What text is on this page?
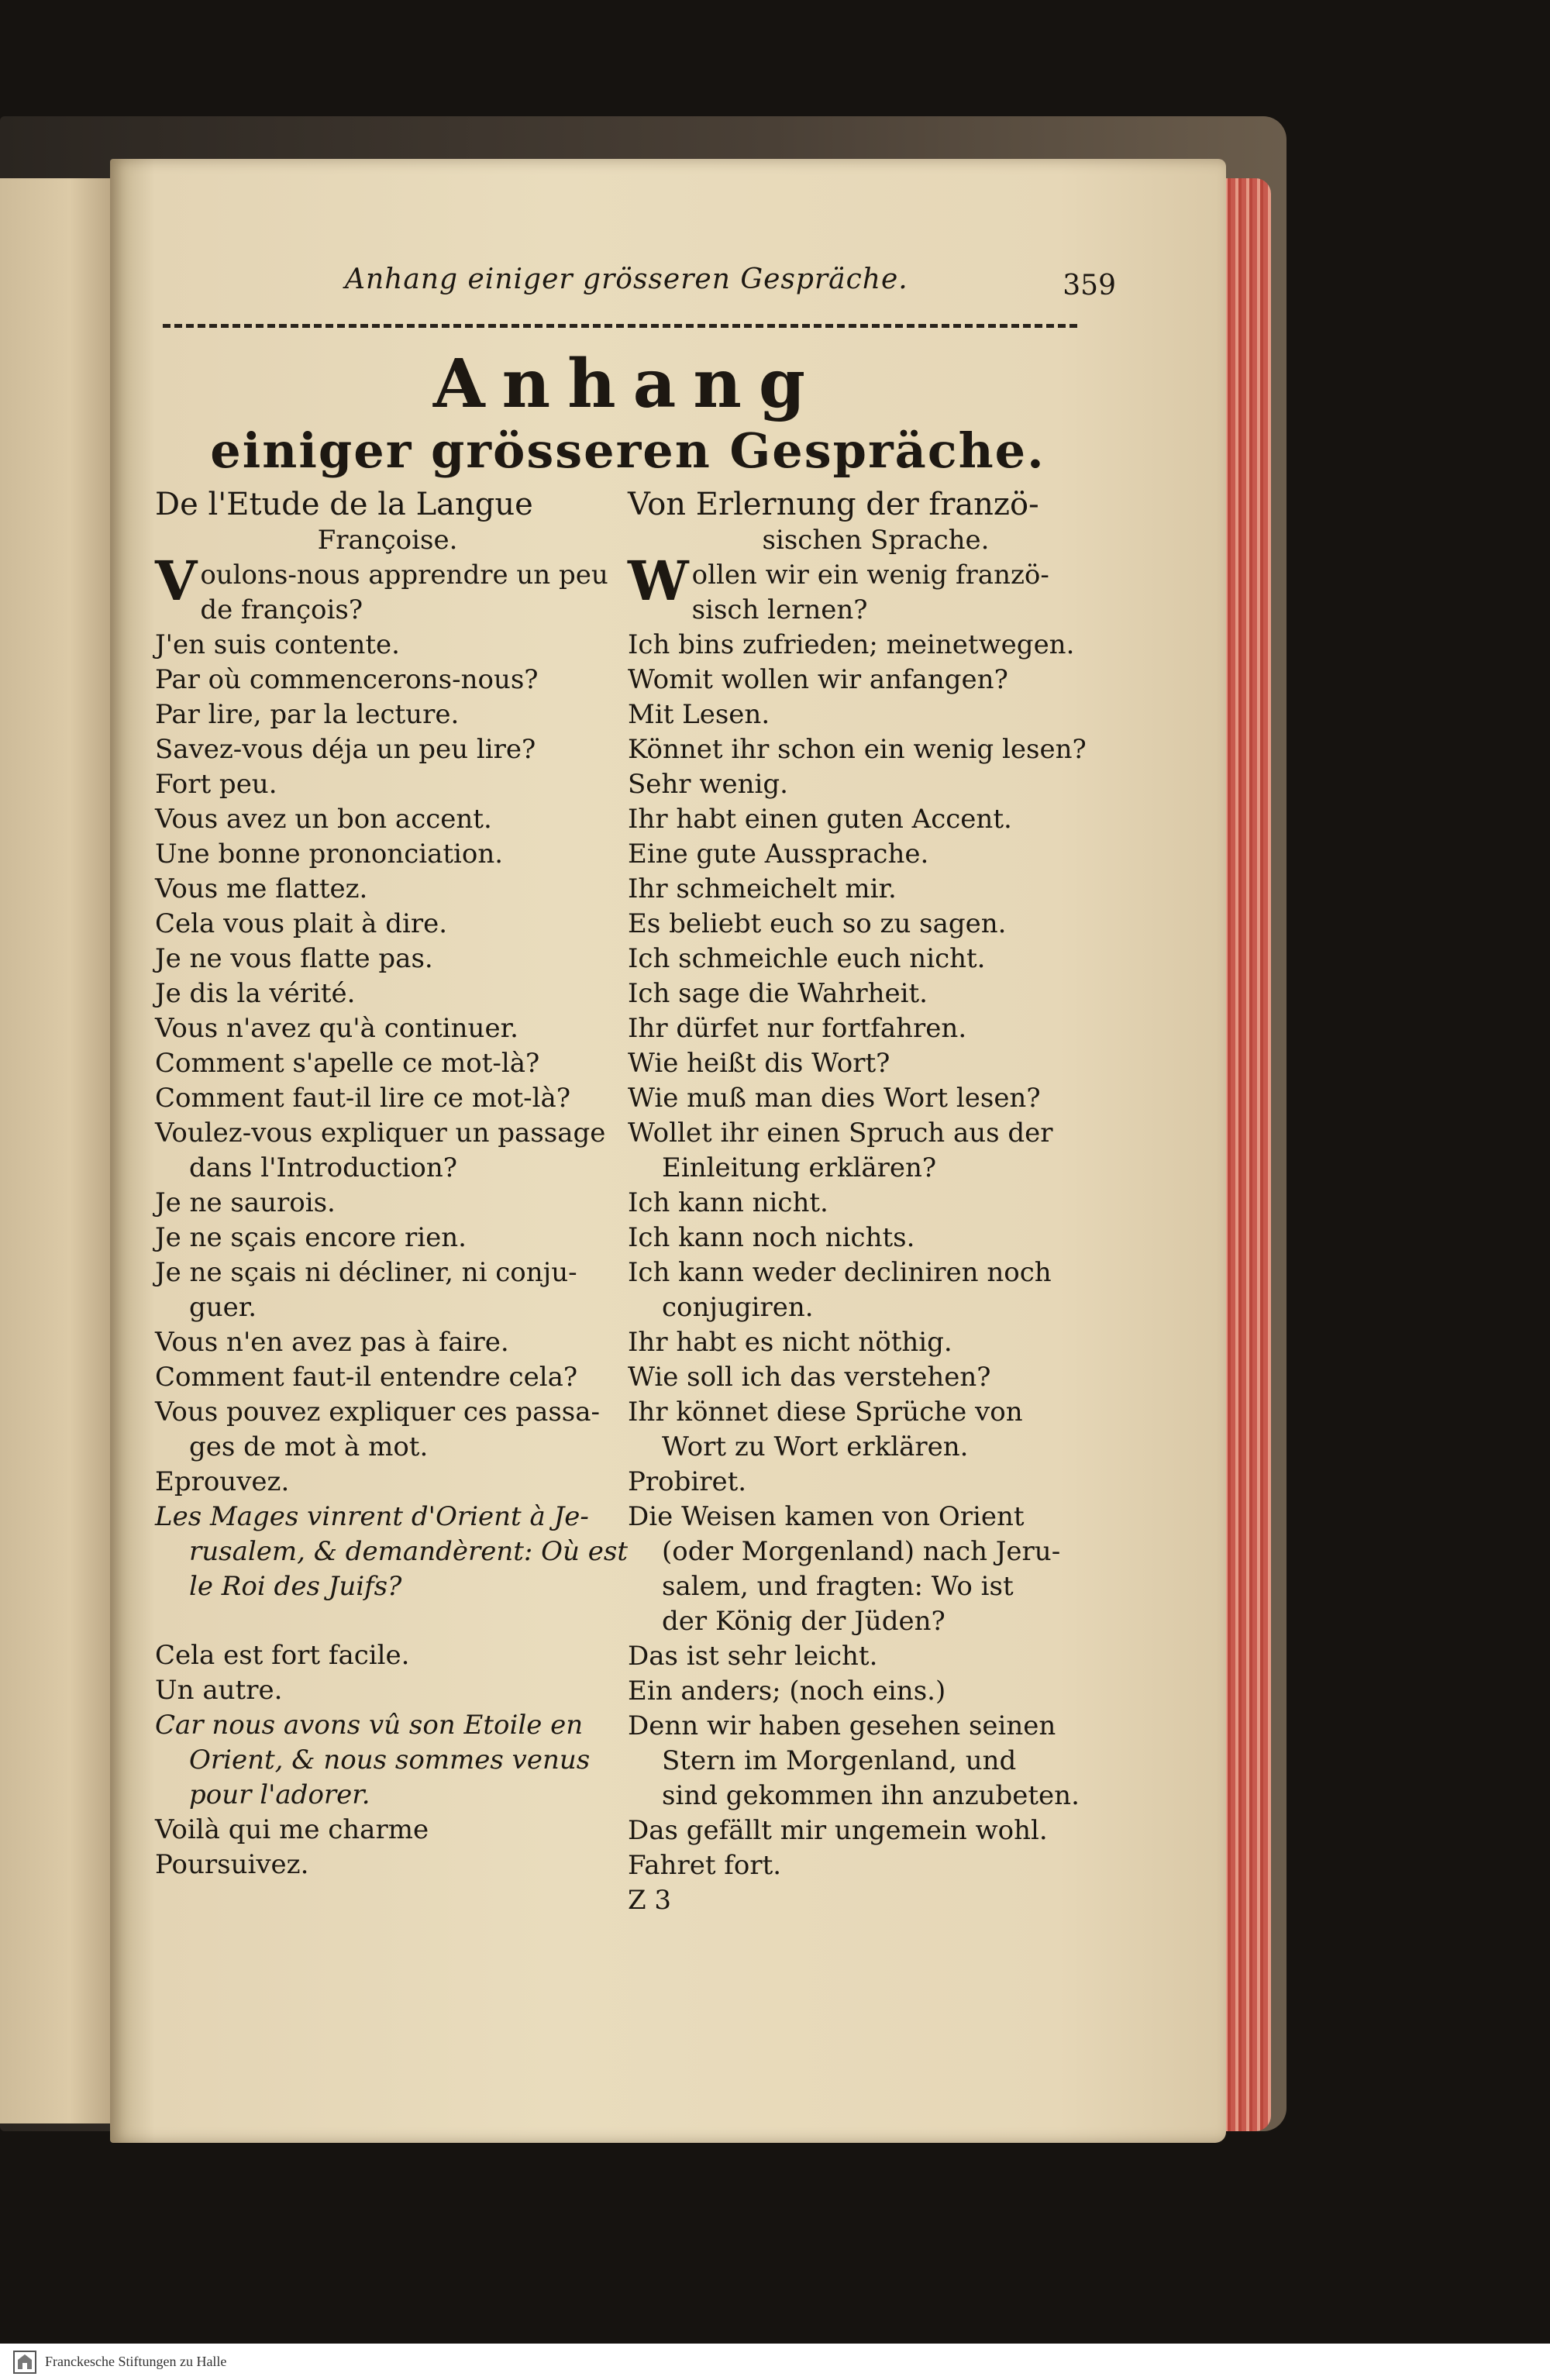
Anhang einiger grösseren Gespräche.	359
Anhang
einiger grösseren Gespräche.
De l'Etude de la Langue
Françoise.
Voulons-nous apprendre un peu
de françois?
J'en suis contente.
Par où commencerons-nous?
Par lire, par la lecture.
Savez-vous déja un peu lire?
Fort peu.
Vous avez un bon accent.
Une bonne prononciation.
Vous me flattez.
Cela vous plait à dire.
Je ne vous flatte pas.
Je dis la vérité.
Vous n'avez qu'à continuer.
Comment s'apelle ce mot-là?
Comment faut-il lire ce mot-là?
Voulez-vous expliquer un passage
dans l'Introduction?
Je ne saurois.
Je ne sçais encore rien.
Je ne sçais ni décliner, ni conju-
guer.
Vous n'en avez pas à faire.
Comment faut-il entendre cela?
Vous pouvez expliquer ces passa-
ges de mot à mot.
Eprouvez.
Les Mages vinrent d'Orient à Je-
rusalem, & demandèrent: Où est
le Roi des Juifs?
Cela est fort facile.
Un autre.
Car nous avons vû son Etoile en
Orient, & nous sommes venus
pour l'adorer.
Voilà qui me charme
Poursuivez.
Von Erlernung der franzö-
sischen Sprache.
Wollen wir ein wenig franzö-
sisch lernen?
Ich bins zufrieden; meinetwegen.
Womit wollen wir anfangen?
Mit Lesen.
Könnet ihr schon ein wenig lesen?
Sehr wenig.
Ihr habt einen guten Accent.
Eine gute Aussprache.
Ihr schmeichelt mir.
Es beliebt euch so zu sagen.
Ich schmeichle euch nicht.
Ich sage die Wahrheit.
Ihr dürfet nur fortfahren.
Wie heißt dis Wort?
Wie muß man dies Wort lesen?
Wollet ihr einen Spruch aus der
Einleitung erklären?
Ich kann nicht.
Ich kann noch nichts.
Ich kann weder decliniren noch
conjugiren.
Ihr habt es nicht nöthig.
Wie soll ich das verstehen?
Ihr könnet diese Sprüche von
Wort zu Wort erklären.
Probiret.
Die Weisen kamen von Orient
(oder Morgenland) nach Jeru-
salem, und fragten: Wo ist
der König der Jüden?
Das ist sehr leicht.
Ein anders; (noch eins.)
Denn wir haben gesehen seinen
Stern im Morgenland, und
sind gekommen ihn anzubeten.
Das gefällt mir ungemein wohl.
Fahret fort.
Z 3
Franckesche Stiftungen zu Halle
